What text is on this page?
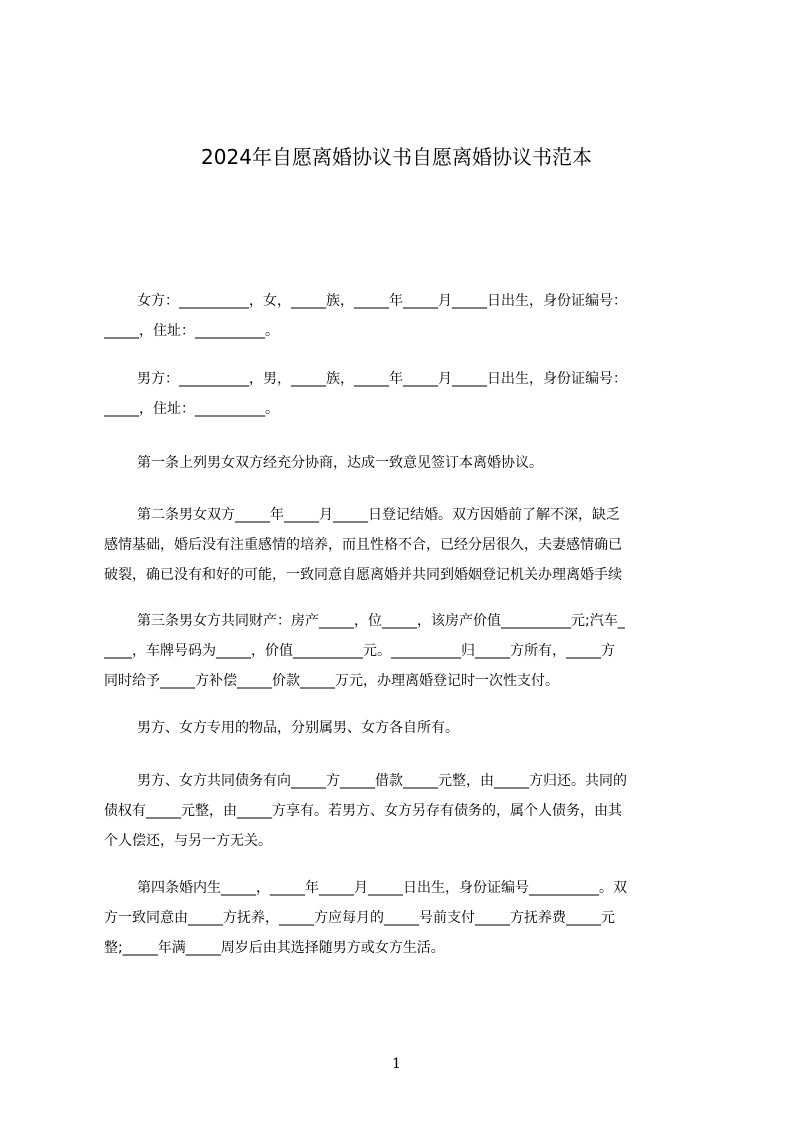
2024年自愿离婚协议书自愿离婚协议书范本

女方：__________，女，_____族，_____年_____月_____日出生，身份证编号：
_____，住址：__________。

男方：__________，男，_____族，_____年_____月_____日出生，身份证编号：
_____，住址：__________。

第一条上列男女双方经充分协商，达成一致意见签订本离婚协议。

第二条男女双方_____年_____月_____日登记结婚。双方因婚前了解不深，缺乏
感情基础，婚后没有注重感情的培养，而且性格不合，已经分居很久，夫妻感情确已
破裂，确已没有和好的可能，一致同意自愿离婚并共同到婚姻登记机关办理离婚手续

第三条男女方共同财产：房产_____，位_____，该房产价值__________元;汽车_
____，车牌号码为_____，价值__________元。__________归_____方所有，_____方
同时给予_____方补偿_____价款_____万元，办理离婚登记时一次性支付。

男方、女方专用的物品，分别属男、女方各自所有。

男方、女方共同债务有向_____方_____借款_____元整，由_____方归还。共同的
债权有_____元整，由_____方享有。若男方、女方另存有债务的，属个人债务，由其
个人偿还，与另一方无关。

第四条婚内生_____，_____年_____月_____日出生，身份证编号__________。双
方一致同意由_____方抚养，_____方应每月的_____号前支付_____方抚养费_____元
整;_____年满_____周岁后由其选择随男方或女方生活。

1
